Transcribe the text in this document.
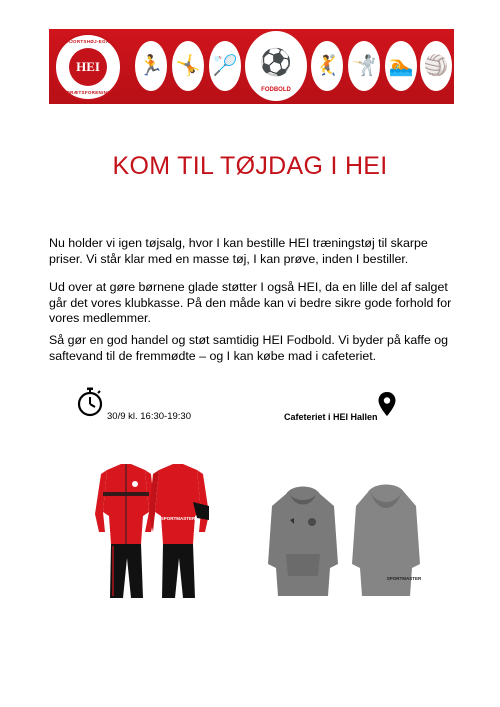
HJORTSHØJ-EGÅ
HEI
IDRÆTSFORENING
🏃 🤸 🏸 ⚽
FODBOLD
🤾 🤺 🏊 🏐
KOM TIL TØJDAG I HEI
Nu holder vi igen tøjsalg, hvor I kan bestille HEI træningstøj til skarpe priser. Vi står klar med en masse tøj, I kan prøve, inden I bestiller.
Ud over at gøre børnene glade støtter I også HEI, da en lille del af salget går det vores klubkasse. På den måde kan vi bedre sikre gode forhold for vores medlemmer.
Så gør en god handel og støt samtidig HEI Fodbold. Vi byder på kaffe og saftevand til de fremmødte – og I kan købe mad i cafeteriet.
30/9 kl. 16:30-19:30	Cafeteriet i HEI Hallen
SPORTMASTER
SPORTMASTER
